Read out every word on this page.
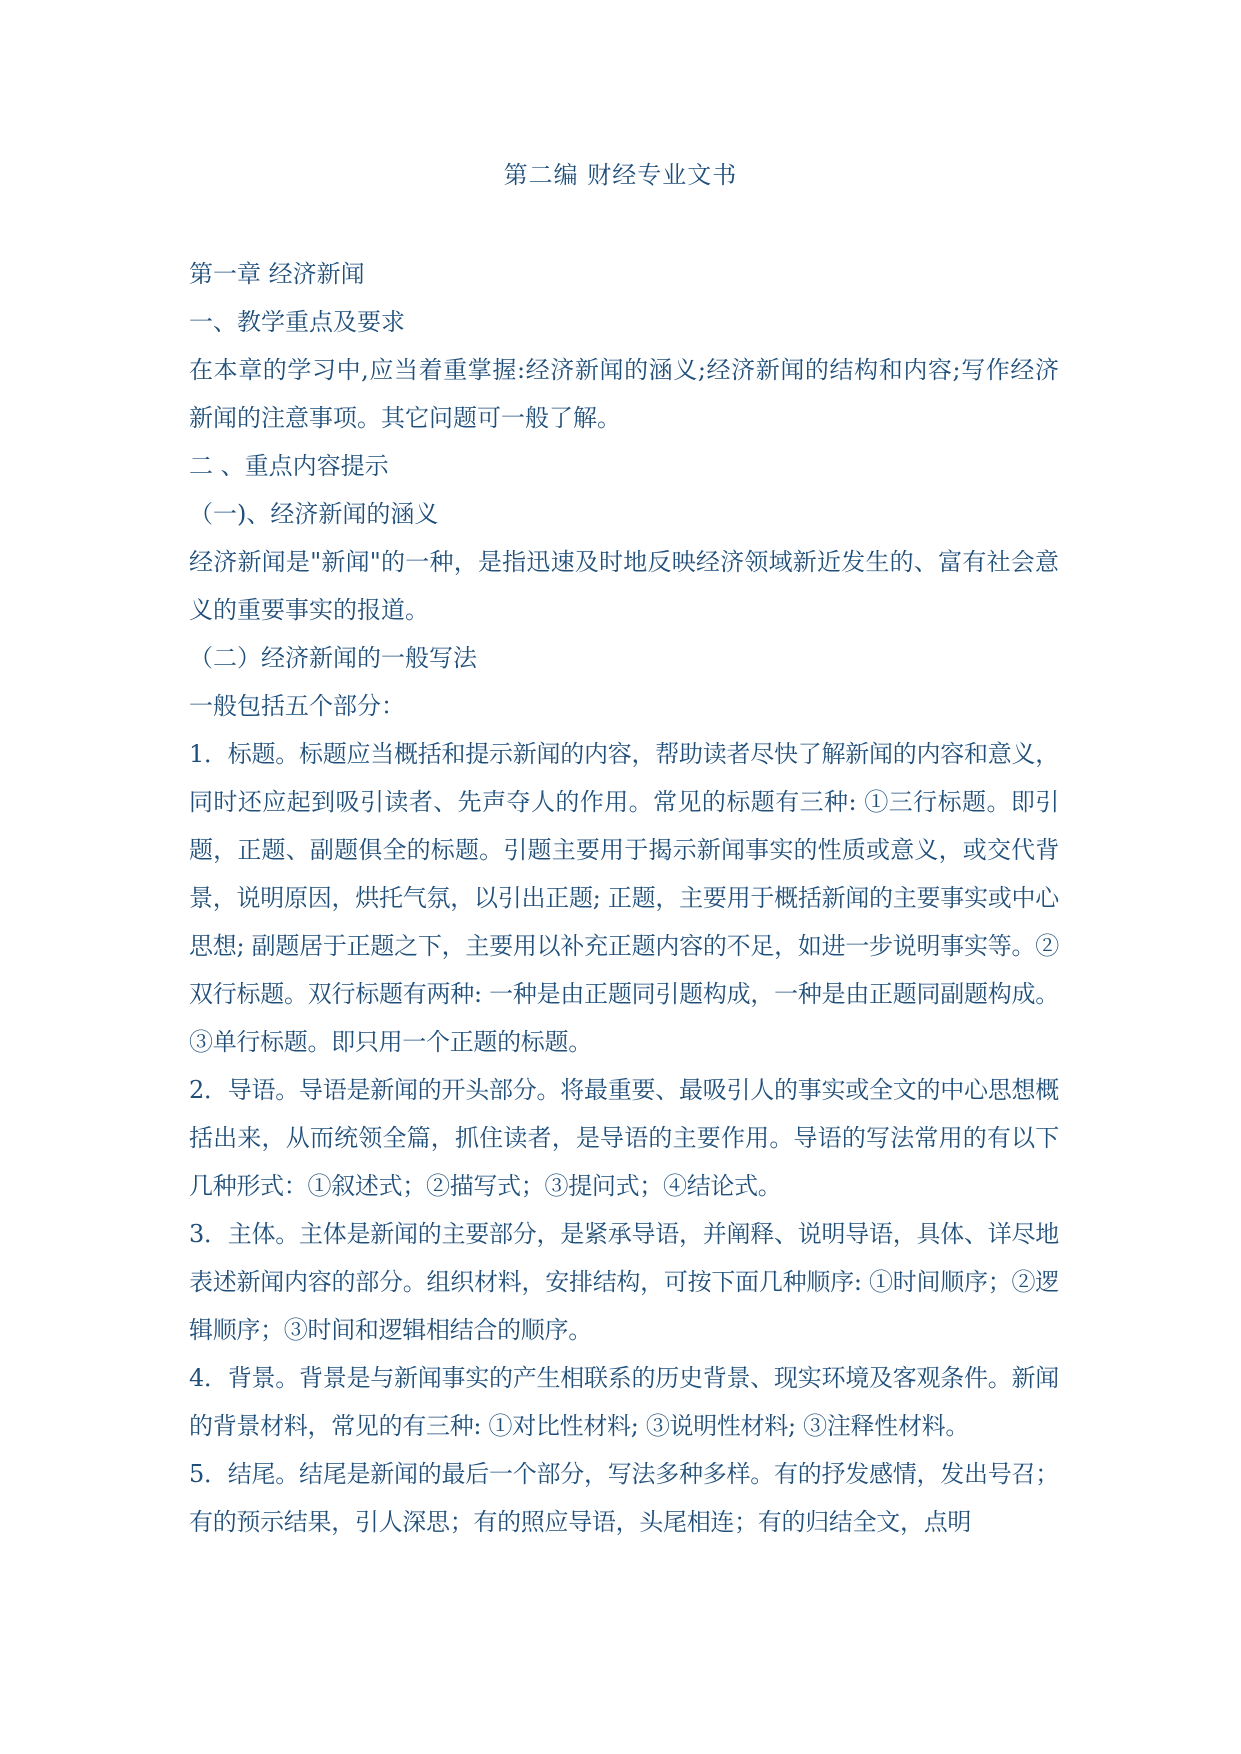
第二编 财经专业文书

第一章 经济新闻

一、教学重点及要求

在本章的学习中,应当着重掌握:经济新闻的涵义;经济新闻的结构和内容;写作经济新闻的注意事项。其它问题可一般了解。

二 、重点内容提示

（一)、经济新闻的涵义

经济新闻是"新闻"的一种，是指迅速及时地反映经济领域新近发生的、富有社会意义的重要事实的报道。

（二）经济新闻的一般写法

一般包括五个部分：

1．标题。标题应当概括和提示新闻的内容，帮助读者尽快了解新闻的内容和意义，同时还应起到吸引读者、先声夺人的作用。常见的标题有三种: ①三行标题。即引题，正题、副题俱全的标题。引题主要用于揭示新闻事实的性质或意义，或交代背景，说明原因，烘托气氛，以引出正题; 正题，主要用于概括新闻的主要事实或中心思想; 副题居于正题之下，主要用以补充正题内容的不足，如进一步说明事实等。②双行标题。双行标题有两种: 一种是由正题同引题构成，一种是由正题同副题构成。③单行标题。即只用一个正题的标题。

2．导语。导语是新闻的开头部分。将最重要、最吸引人的事实或全文的中心思想概括出来，从而统领全篇，抓住读者，是导语的主要作用。导语的写法常用的有以下几种形式：①叙述式；②描写式；③提问式；④结论式。

3．主体。主体是新闻的主要部分，是紧承导语，并阐释、说明导语，具体、详尽地表述新闻内容的部分。组织材料，安排结构，可按下面几种顺序: ①时间顺序；②逻辑顺序；③时间和逻辑相结合的顺序。

4．背景。背景是与新闻事实的产生相联系的历史背景、现实环境及客观条件。新闻的背景材料，常见的有三种: ①对比性材料; ③说明性材料; ③注释性材料。

5．结尾。结尾是新闻的最后一个部分，写法多种多样。有的抒发感情，发出号召；有的预示结果，引人深思；有的照应导语，头尾相连；有的归结全文，点明
